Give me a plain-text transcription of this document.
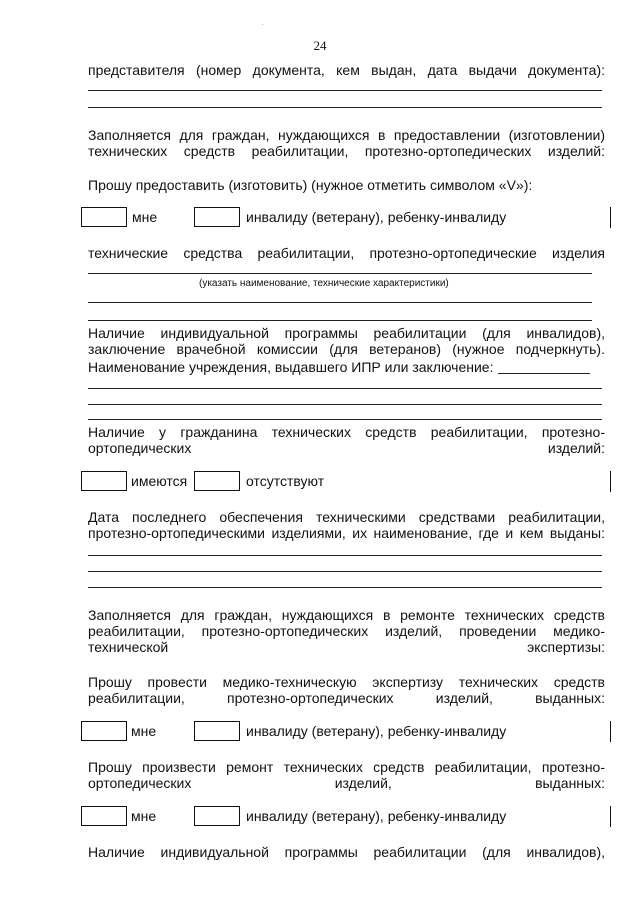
24
представителя (номер документа, кем выдан, дата выдачи документа):
Заполняется для граждан, нуждающихся в предоставлении (изготовлении) технических средств реабилитации, протезно-ортопедических изделий:
Прошу предоставить (изготовить) (нужное отметить символом «V»):
мне	инвалиду (ветерану), ребенку-инвалиду
технические средства реабилитации, протезно-ортопедические изделия
(указать наименование, технические характеристики)
Наличие индивидуальной программы реабилитации (для инвалидов), заключение врачебной комиссии (для ветеранов) (нужное подчеркнуть).
Наименование учреждения, выдавшего ИПР или заключение:
Наличие у гражданина технических средств реабилитации, протезно-ортопедических изделий:
имеются	отсутствуют
Дата последнего обеспечения техническими средствами реабилитации, протезно-ортопедическими изделиями, их наименование, где и кем выданы:
Заполняется для граждан, нуждающихся в ремонте технических средств реабилитации, протезно-ортопедических изделий, проведении медико-технической экспертизы:
Прошу провести медико-техническую экспертизу технических средств реабилитации, протезно-ортопедических изделий, выданных:
мне	инвалиду (ветерану), ребенку-инвалиду
Прошу произвести ремонт технических средств реабилитации, протезно-ортопедических изделий, выданных:
мне	инвалиду (ветерану), ребенку-инвалиду
Наличие индивидуальной программы реабилитации (для инвалидов),
